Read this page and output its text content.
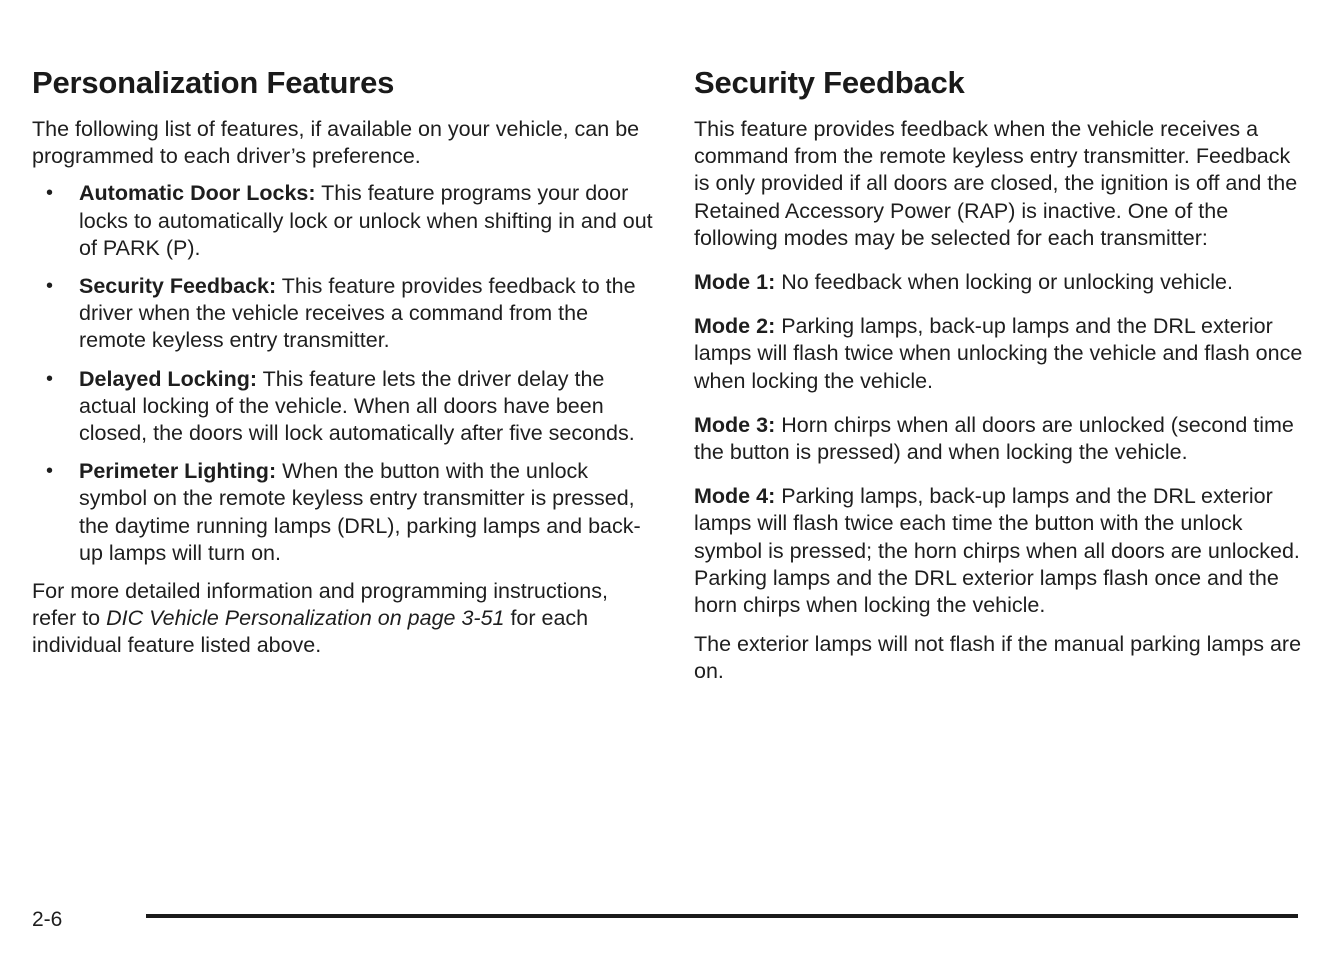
Personalization Features

The following list of features, if available on your vehicle, can be programmed to each driver’s preference.

• Automatic Door Locks: This feature programs your door locks to automatically lock or unlock when shifting in and out of PARK (P).
• Security Feedback: This feature provides feedback to the driver when the vehicle receives a command from the remote keyless entry transmitter.
• Delayed Locking: This feature lets the driver delay the actual locking of the vehicle. When all doors have been closed, the doors will lock automatically after five seconds.
• Perimeter Lighting: When the button with the unlock symbol on the remote keyless entry transmitter is pressed, the daytime running lamps (DRL), parking lamps and back-up lamps will turn on.

For more detailed information and programming instructions, refer to DIC Vehicle Personalization on page 3-51 for each individual feature listed above.

Security Feedback

This feature provides feedback when the vehicle receives a command from the remote keyless entry transmitter. Feedback is only provided if all doors are closed, the ignition is off and the Retained Accessory Power (RAP) is inactive. One of the following modes may be selected for each transmitter:

Mode 1: No feedback when locking or unlocking vehicle.

Mode 2: Parking lamps, back-up lamps and the DRL exterior lamps will flash twice when unlocking the vehicle and flash once when locking the vehicle.

Mode 3: Horn chirps when all doors are unlocked (second time the button is pressed) and when locking the vehicle.

Mode 4: Parking lamps, back-up lamps and the DRL exterior lamps will flash twice each time the button with the unlock symbol is pressed; the horn chirps when all doors are unlocked. Parking lamps and the DRL exterior lamps flash once and the horn chirps when locking the vehicle.

The exterior lamps will not flash if the manual parking lamps are on.

2-6
